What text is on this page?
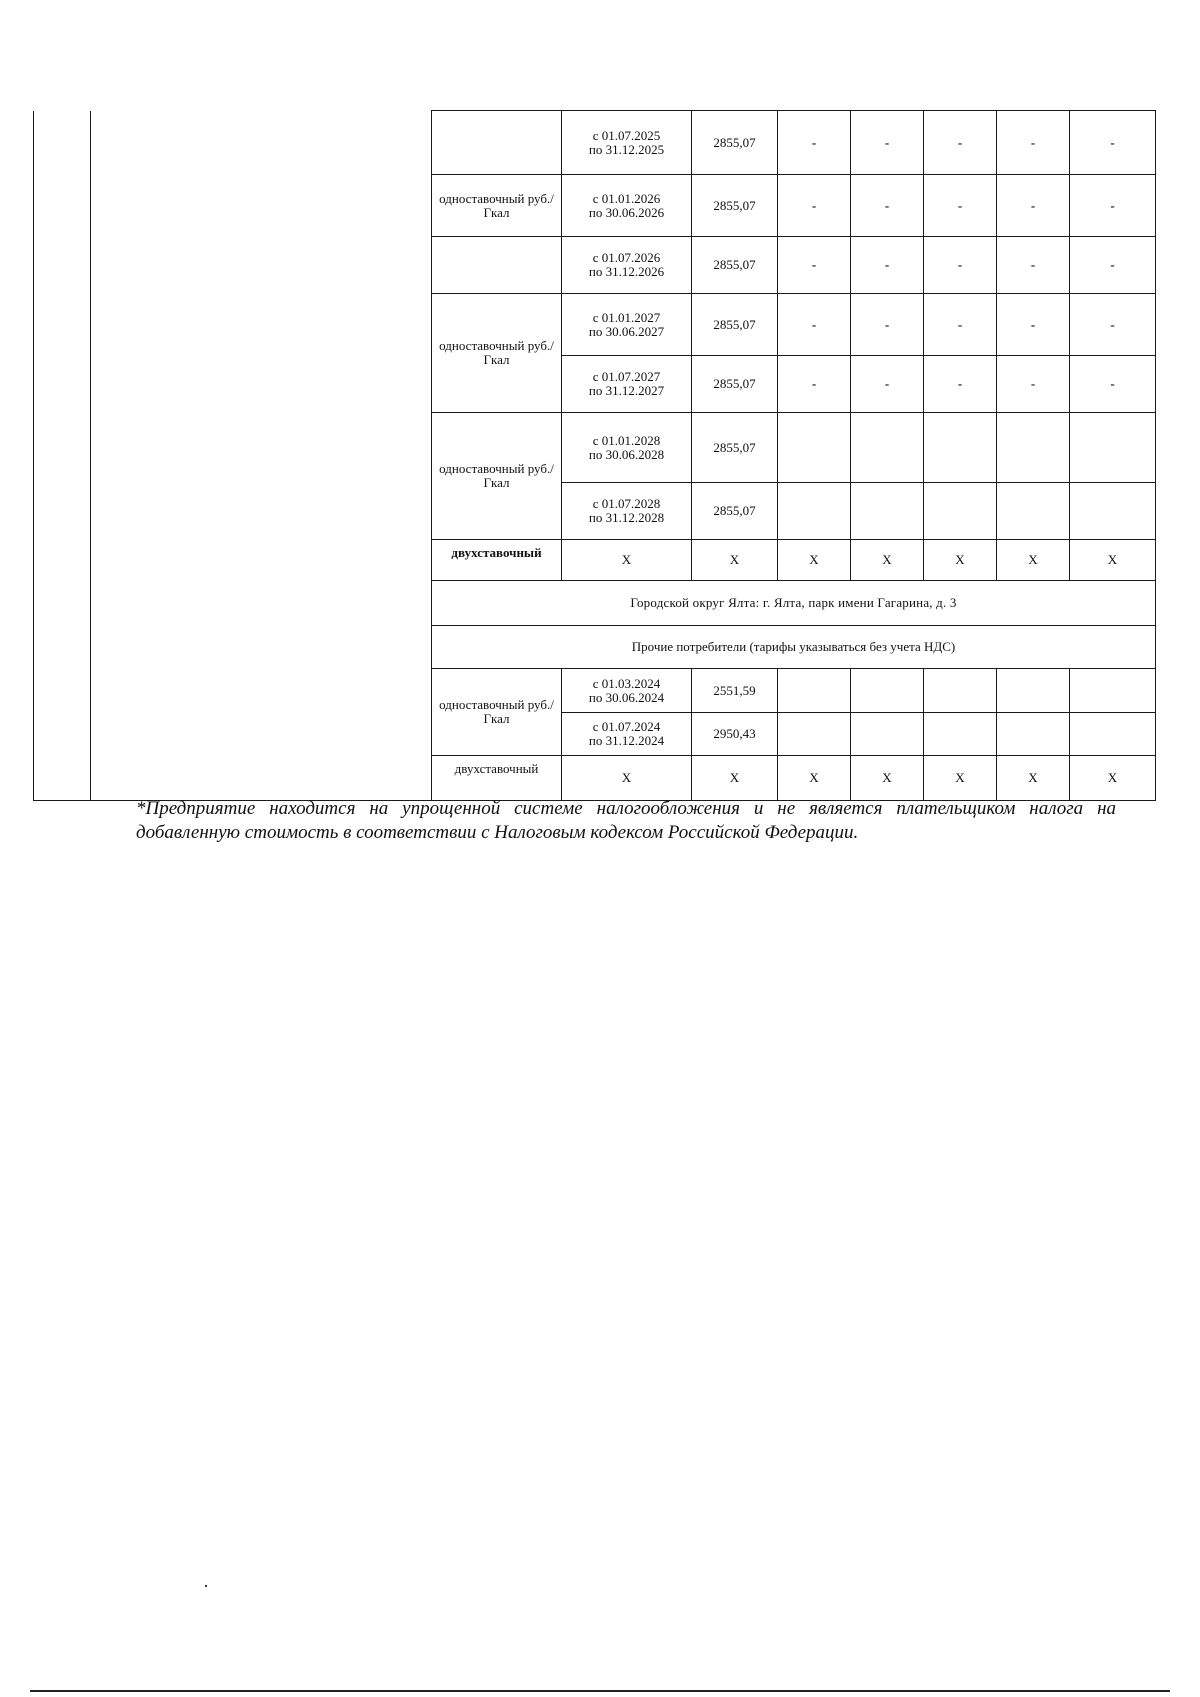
			с 01.07.2025
по 31.12.2025	2855,07	-	-	-	-	-
		одноставочный руб./Гкал	с 01.01.2026
по 30.06.2026	2855,07	-	-	-	-	-

			с 01.07.2026
по 31.12.2026	2855,07	-	-	-	-	-
		одноставочный руб./Гкал	с 01.01.2027
по 30.06.2027	2855,07	-	-	-	-	-

			с 01.07.2027
по 31.12.2027	2855,07	-	-	-	-	-
		одноставочный руб./Гкал	с 01.01.2028
по 30.06.2028	2855,07					

			с 01.07.2028
по 31.12.2028	2855,07					
		двухставочный	Х	Х	Х	Х	Х	Х	Х
		Городской округ Ялта: г. Ялта, парк имени Гагарина, д. 3							
		Прочие потребители (тарифы указываться без учета НДС)							
		одноставочный руб./Гкал	с 01.03.2024
по 30.06.2024	2551,59					

			с 01.07.2024
по 31.12.2024	2950,43					
		двухставочный	Х	Х	Х	Х	Х	Х	Х
*Предприятие находится на упрощенной системе налогообложения и не является плательщиком налога на добавленную стоимость в соответствии с Налоговым кодексом Российской Федерации.
